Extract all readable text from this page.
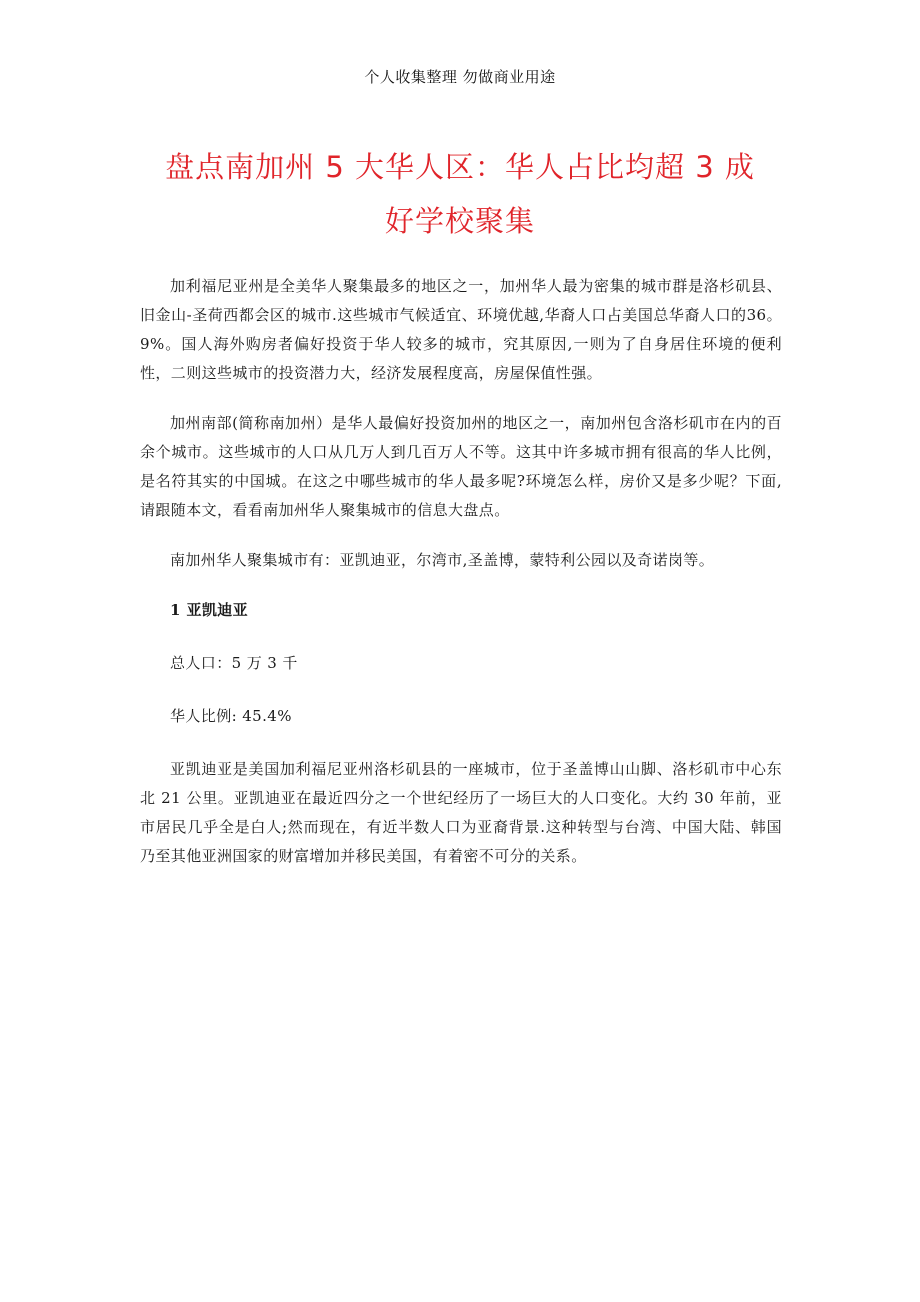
个人收集整理 勿做商业用途
盘点南加州 5 大华人区：华人占比均超 3 成
好学校聚集

加利福尼亚州是全美华人聚集最多的地区之一，加州华人最为密集的城市群是洛杉矶县、旧金山-圣荷西都会区的城市.这些城市气候适宜、环境优越,华裔人口占美国总华裔人口的36。9%。国人海外购房者偏好投资于华人较多的城市，究其原因,一则为了自身居住环境的便利性，二则这些城市的投资潜力大，经济发展程度高，房屋保值性强。

加州南部(简称南加州）是华人最偏好投资加州的地区之一，南加州包含洛杉矶市在内的百余个城市。这些城市的人口从几万人到几百万人不等。这其中许多城市拥有很高的华人比例，是名符其实的中国城。在这之中哪些城市的华人最多呢?环境怎么样，房价又是多少呢？下面,请跟随本文，看看南加州华人聚集城市的信息大盘点。

南加州华人聚集城市有：亚凯迪亚，尔湾市,圣盖博，蒙特利公园以及奇诺岗等。

1 亚凯迪亚

总人口：5 万 3 千

华人比例: 45.4%

亚凯迪亚是美国加利福尼亚州洛杉矶县的一座城市，位于圣盖博山山脚、洛杉矶市中心东北 21 公里。亚凯迪亚在最近四分之一个世纪经历了一场巨大的人口变化。大约 30 年前，亚市居民几乎全是白人;然而现在，有近半数人口为亚裔背景.这种转型与台湾、中国大陆、韩国乃至其他亚洲国家的财富增加并移民美国，有着密不可分的关系。
